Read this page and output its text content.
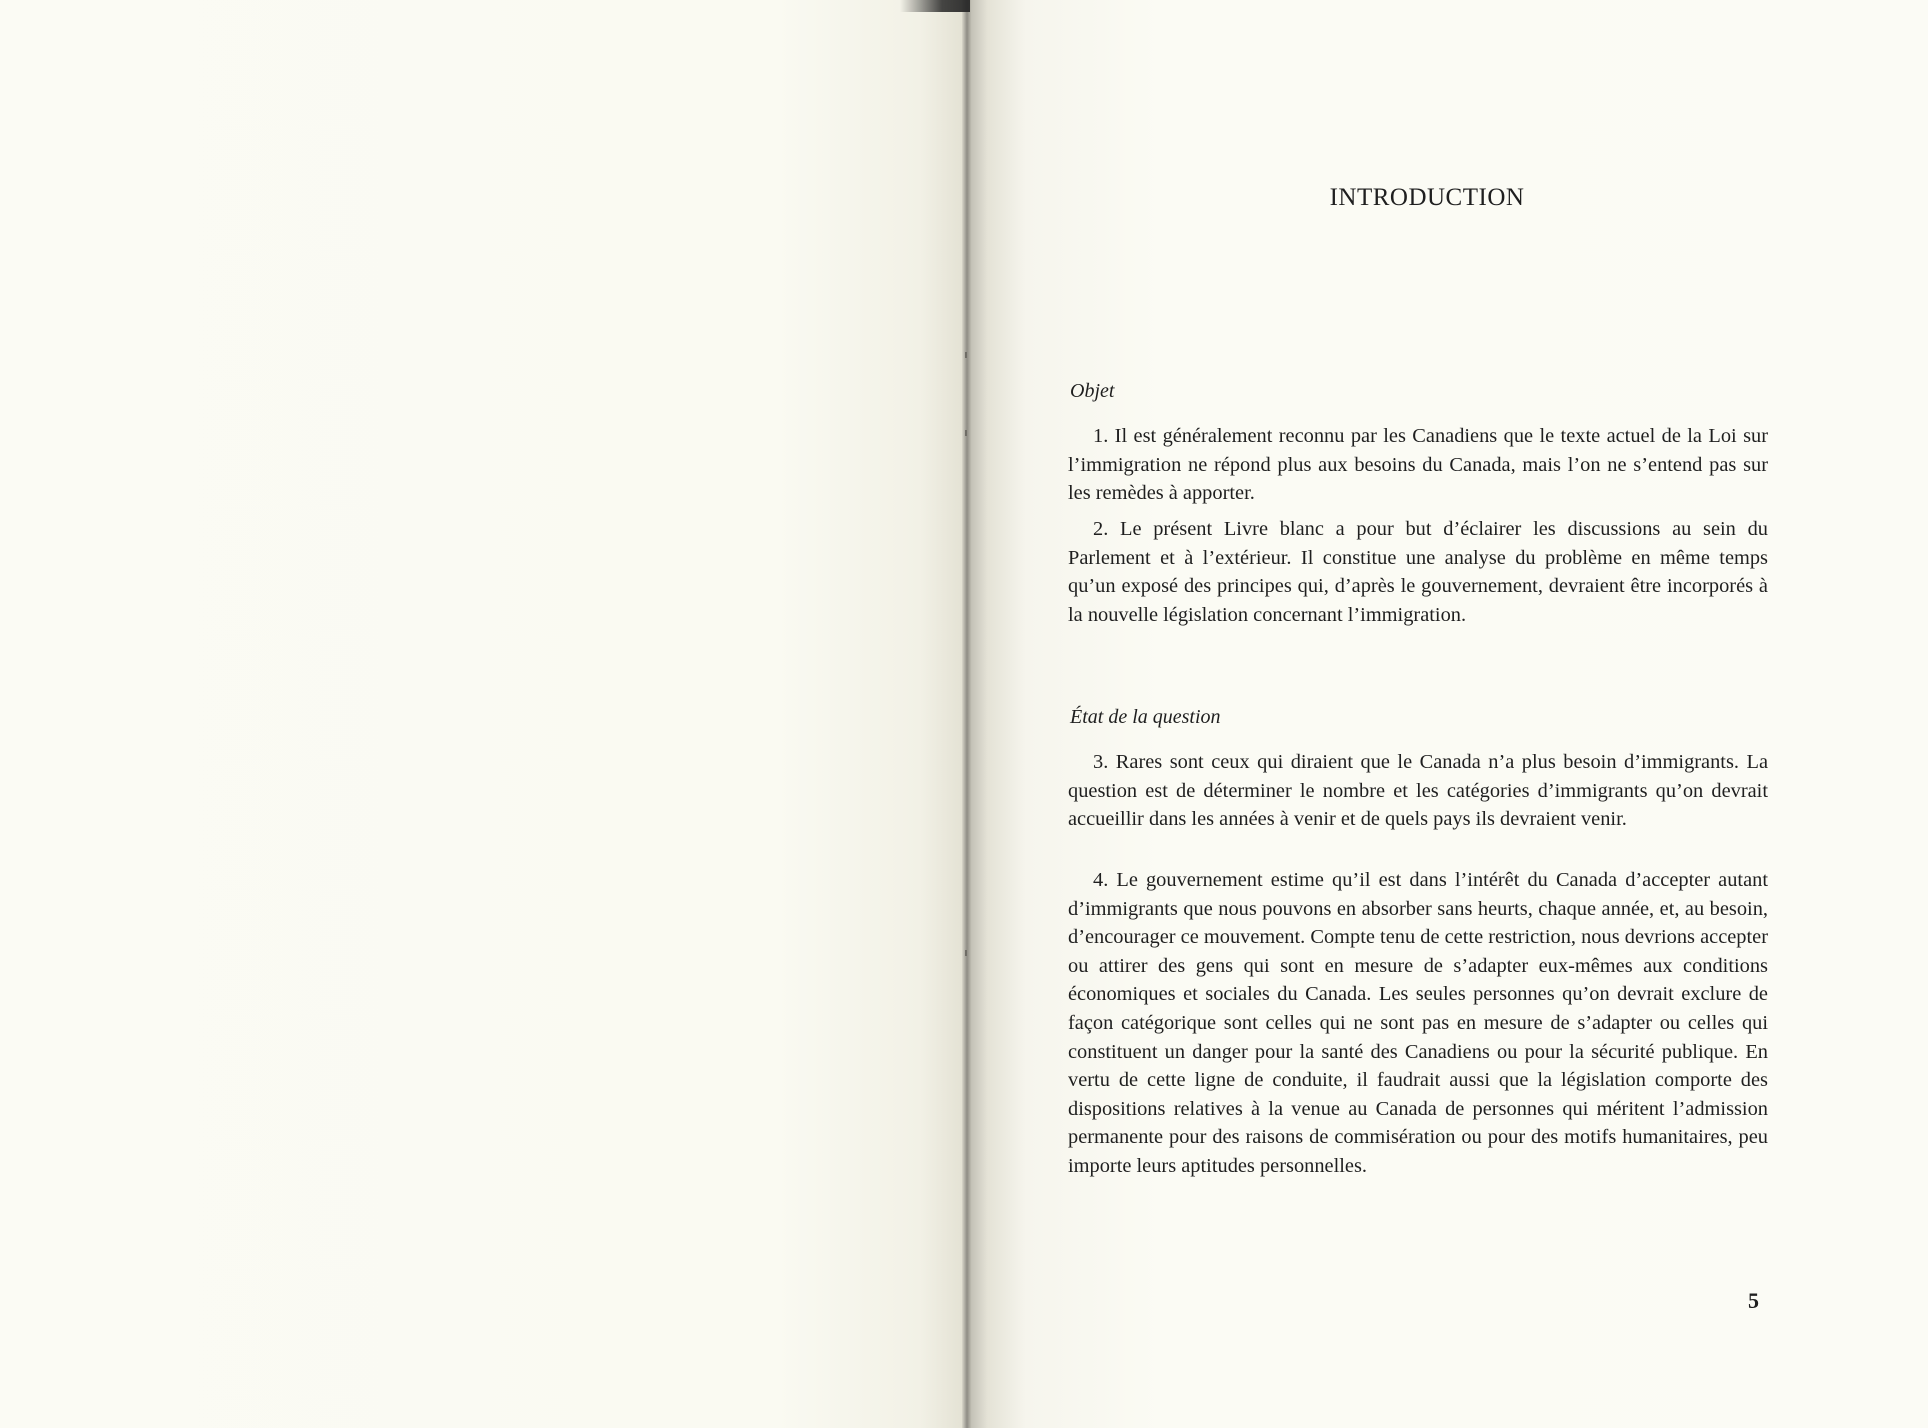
INTRODUCTION
Objet

1. Il est généralement reconnu par les Canadiens que le texte actuel de la Loi sur l’immigration ne répond plus aux besoins du Canada, mais l’on ne s’entend pas sur les remèdes à apporter.

2. Le présent Livre blanc a pour but d’éclairer les discussions au sein du Parlement et à l’extérieur. Il constitue une analyse du problème en même temps qu’un exposé des principes qui, d’après le gouvernement, devraient être incorporés à la nouvelle législation concernant l’immigration.

État de la question

3. Rares sont ceux qui diraient que le Canada n’a plus besoin d’immigrants. La question est de déterminer le nombre et les catégories d’immigrants qu’on devrait accueillir dans les années à venir et de quels pays ils devraient venir.

4. Le gouvernement estime qu’il est dans l’intérêt du Canada d’accepter autant d’immigrants que nous pouvons en absorber sans heurts, chaque année, et, au besoin, d’encourager ce mouvement. Compte tenu de cette restriction, nous devrions accepter ou attirer des gens qui sont en mesure de s’adapter eux-mêmes aux conditions économiques et sociales du Canada. Les seules personnes qu’on devrait exclure de façon catégorique sont celles qui ne sont pas en mesure de s’adapter ou celles qui constituent un danger pour la santé des Canadiens ou pour la sécurité publique. En vertu de cette ligne de conduite, il faudrait aussi que la législation comporte des dispositions relatives à la venue au Canada de personnes qui méritent l’admission permanente pour des raisons de commisération ou pour des motifs humanitaires, peu importe leurs aptitudes personnelles.

5
